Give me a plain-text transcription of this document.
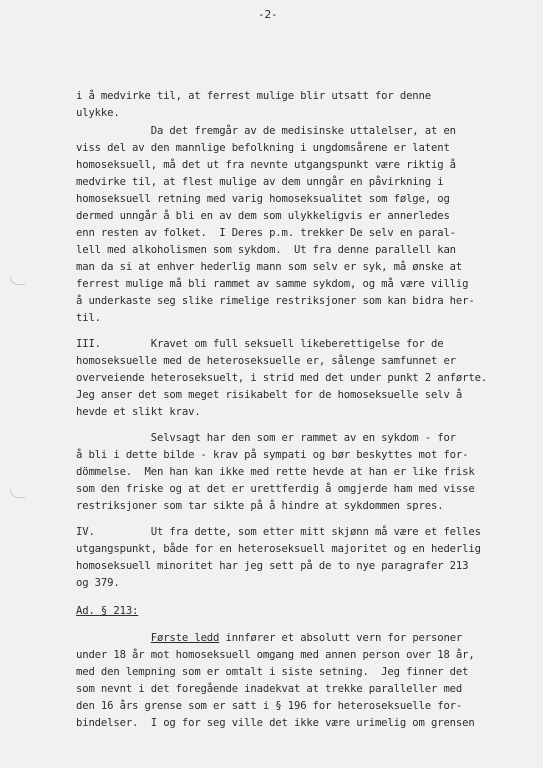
-2-
i å medvirke til, at ferrest mulige blir utsatt for denne
ulykke.
Da det fremgår av de medisinske uttalelser, at en
viss del av den mannlige befolkning i ungdomsårene er latent
homoseksuell, må det ut fra nevnte utgangspunkt være riktig å
medvirke til, at flest mulige av dem unngår en påvirkning i
homoseksuell retning med varig homoseksualitet som følge, og
dermed unngår å bli en av dem som ulykkeligvis er annerledes
enn resten av folket.  I Deres p.m. trekker De selv en paral-
lell med alkoholismen som sykdom.  Ut fra denne parallell kan
man da si at enhver hederlig mann som selv er syk, må ønske at
ferrest mulige må bli rammet av samme sykdom, og må være villig
å underkaste seg slike rimelige restriksjoner som kan bidra her-
til.
III.        Kravet om full seksuell likeberettigelse for de
homoseksuelle med de heteroseksuelle er, sålenge samfunnet er
overveiende heteroseksuelt, i strid med det under punkt 2 anførte.
Jeg anser det som meget risikabelt for de homoseksuelle selv å
hevde et slikt krav.
Selvsagt har den som er rammet av en sykdom - for
å bli i dette bilde - krav på sympati og bør beskyttes mot for-
dömmelse.  Men han kan ikke med rette hevde at han er like frisk
som den friske og at det er urettferdig å omgjerde ham med visse
restriksjoner som tar sikte på å hindre at sykdommen spres.
IV.         Ut fra dette, som etter mitt skjønn må være et felles
utgangspunkt, både for en heteroseksuell majoritet og en hederlig
homoseksuell minoritet har jeg sett på de to nye paragrafer 213
og 379.
Ad. § 213:
Første ledd innfører et absolutt vern for personer
under 18 år mot homoseksuell omgang med annen person over 18 år,
med den lempning som er omtalt i siste setning.  Jeg finner det
som nevnt i det foregående inadekvat at trekke paralleller med
den 16 års grense som er satt i § 196 for heteroseksuelle for-
bindelser.  I og for seg ville det ikke være urimelig om grensen
